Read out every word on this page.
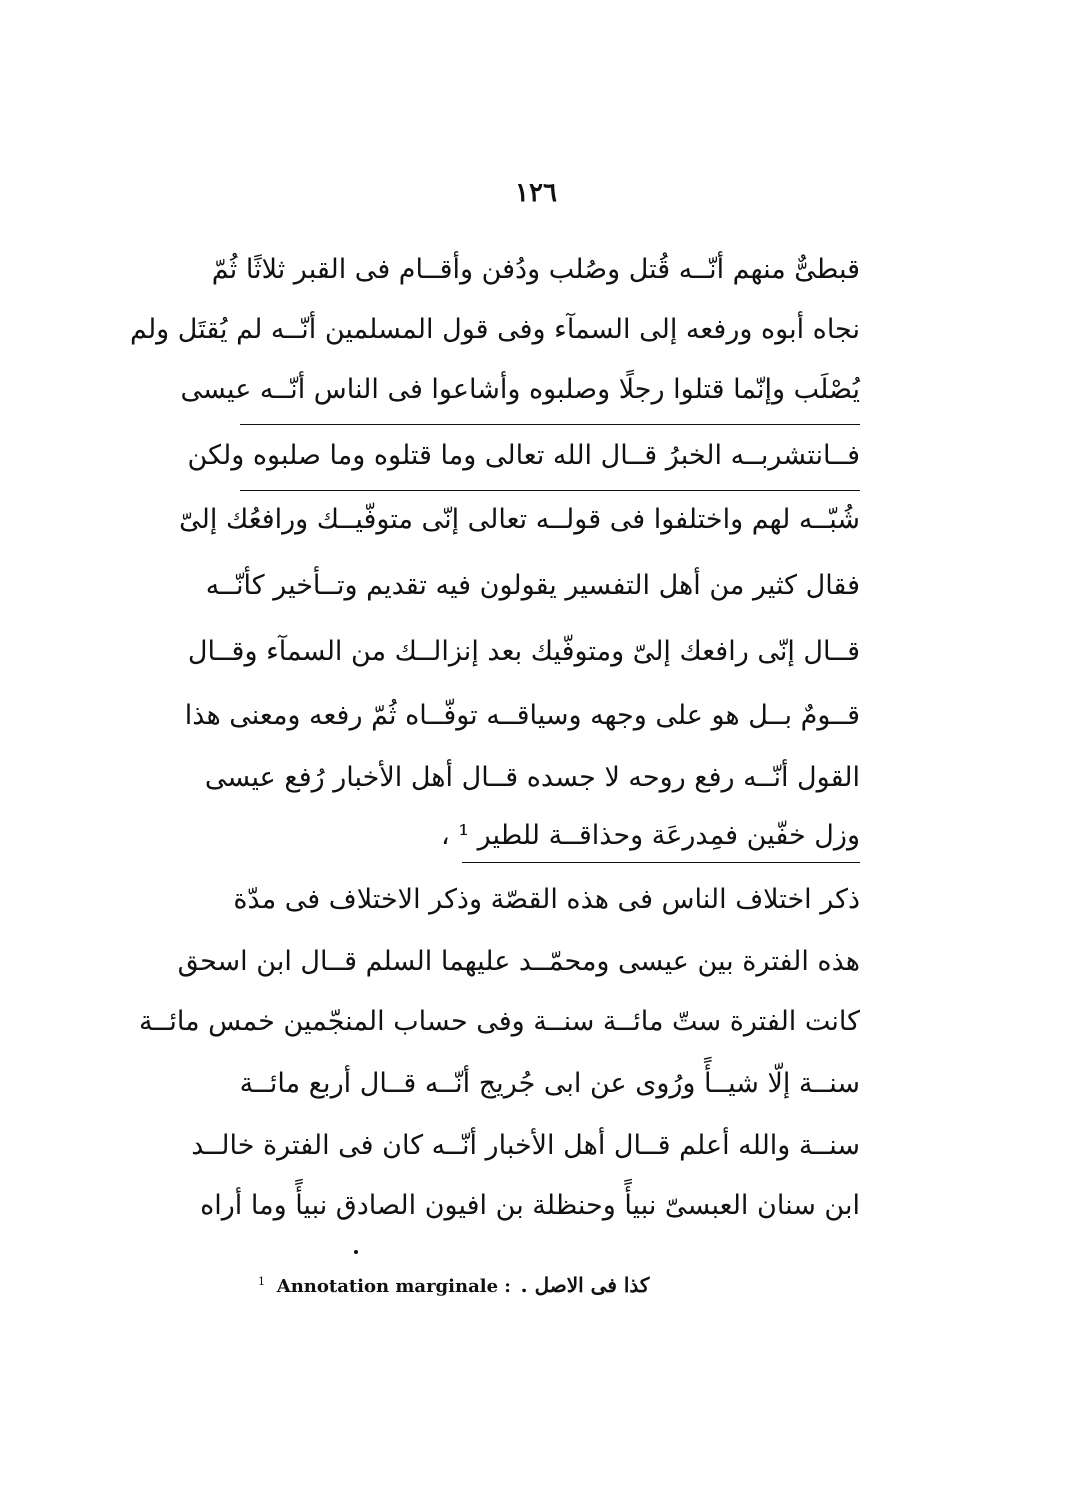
١٢٦
قبطىٌّ منهم أنّــه قُتل وصُلب ودُفن وأقــام فى القبر ثلاثًا ثُمّ
نجاه أبوه ورفعه إلى السمآء وفى قول المسلمين أنّــه لم يُقتَل ولم
يُصْلَب وإنّما قتلوا رجلًا وصلبوه وأشاعوا فى الناس أنّــه عيسى
فــانتشربــه الخبرُ قــال الله تعالى وما قتلوه وما صلبوه ولكن
شُبّــه لهم واختلفوا فى قولــه تعالى إنّى متوفّيــك ورافعُك إلىّ
فقال كثير من أهل التفسير يقولون فيه تقديم وتــأخير كأنّــه
قــال إنّى رافعك إلىّ ومتوفّيك بعد إنزالــك من السمآء وقــال
قــومٌ بــل هو على وجهه وسياقــه توفّــاه ثُمّ رفعه ومعنى هذا
القول أنّــه رفع روحه لا جسده قــال أهل الأخبار رُفع عيسى
وزل خفّين فمِدرعَة وحذاقــة للطير ¹ ،
ذكر اختلاف الناس فى هذه القصّة وذكر الاختلاف فى مدّة
هذه الفترة بين عيسى ومحمّــد عليهما السلم قــال ابن اسحق
كانت الفترة ستّ مائــة سنــة وفى حساب المنجّمين خمس مائــة
سنــة إلّا شيــأً ورُوى عن ابى جُريج أنّــه قــال أربع مائــة
سنــة والله أعلم قــال أهل الأخبار أنّــه كان فى الفترة خالــد
ابن سنان العبسىّ نبيأً وحنظلة بن افيون الصادق نبيأً وما أراه
$^1$ Annotation marginale : كذا فى الاصل .
